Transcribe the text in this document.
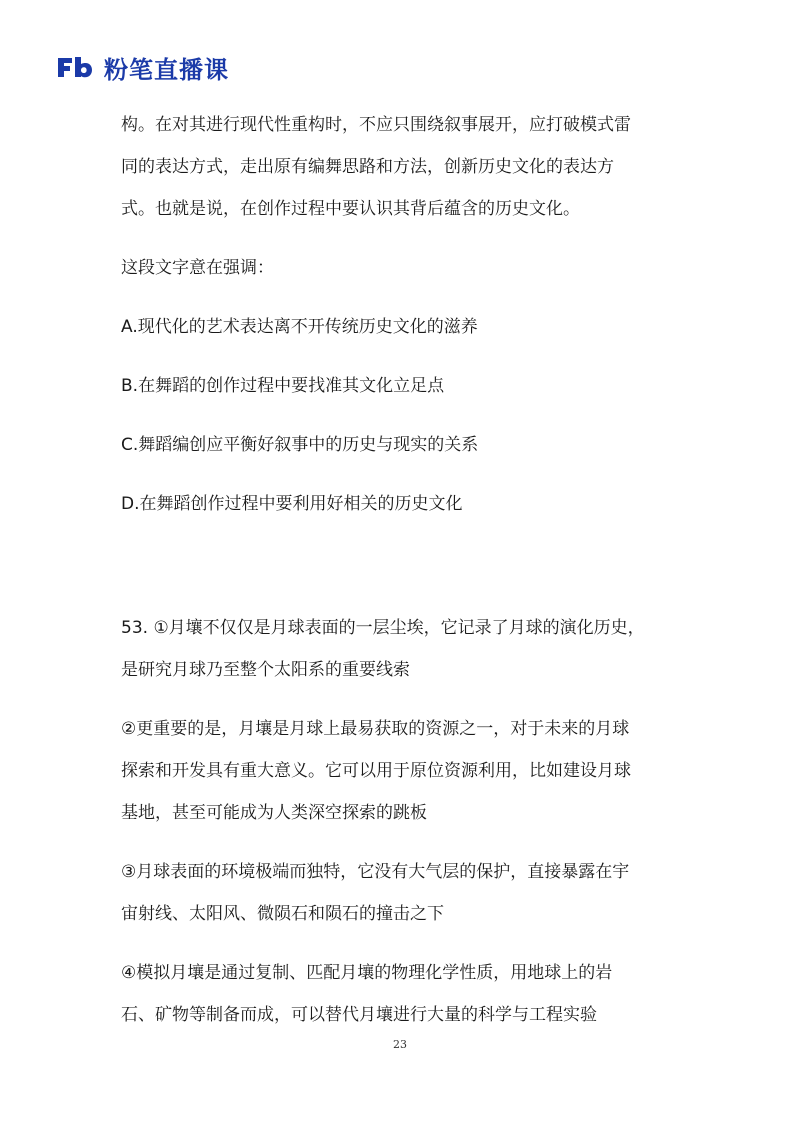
粉笔直播课

构。在对其进行现代性重构时，不应只围绕叙事展开，应打破模式雷

同的表达方式，走出原有编舞思路和方法，创新历史文化的表达方

式。也就是说，在创作过程中要认识其背后蕴含的历史文化。

这段文字意在强调：

A.现代化的艺术表达离不开传统历史文化的滋养

B.在舞蹈的创作过程中要找准其文化立足点

C.舞蹈编创应平衡好叙事中的历史与现实的关系

D.在舞蹈创作过程中要利用好相关的历史文化

53. ①月壤不仅仅是月球表面的一层尘埃，它记录了月球的演化历史，

是研究月球乃至整个太阳系的重要线索

②更重要的是，月壤是月球上最易获取的资源之一，对于未来的月球

探索和开发具有重大意义。它可以用于原位资源利用，比如建设月球

基地，甚至可能成为人类深空探索的跳板

③月球表面的环境极端而独特，它没有大气层的保护，直接暴露在宇

宙射线、太阳风、微陨石和陨石的撞击之下

④模拟月壤是通过复制、匹配月壤的物理化学性质，用地球上的岩

石、矿物等制备而成，可以替代月壤进行大量的科学与工程实验

23
